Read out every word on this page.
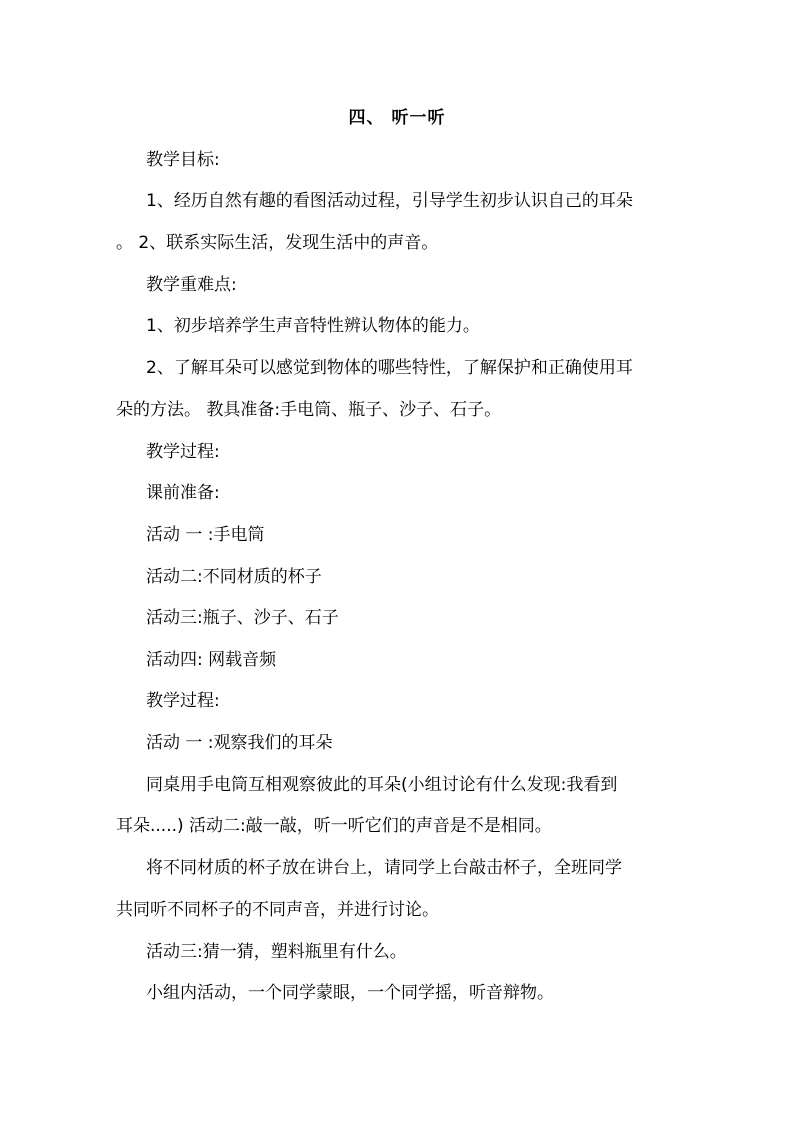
四、 听一听
教学目标:
1、经历自然有趣的看图活动过程，引导学生初步认识自己的耳朵
。 2、联系实际生活，发现生活中的声音。
教学重难点:
1、初步培养学生声音特性辨认物体的能力。
2、了解耳朵可以感觉到物体的哪些特性，了解保护和正确使用耳
朵的方法。 教具准备:手电筒、瓶子、沙子、石子。
教学过程:
课前准备:
活动 一 :手电筒
活动二:不同材质的杯子
活动三:瓶子、沙子、石子
活动四: 网载音频
教学过程:
活动 一 :观察我们的耳朵
同桌用手电筒互相观察彼此的耳朵(小组讨论有什么发现:我看到
耳朵.....) 活动二:敲一敲，听一听它们的声音是不是相同。
将不同材质的杯子放在讲台上，请同学上台敲击杯子，全班同学
共同听不同杯子的不同声音，并进行讨论。
活动三:猜一猜，塑料瓶里有什么。
小组内活动，一个同学蒙眼，一个同学摇，听音辩物。
